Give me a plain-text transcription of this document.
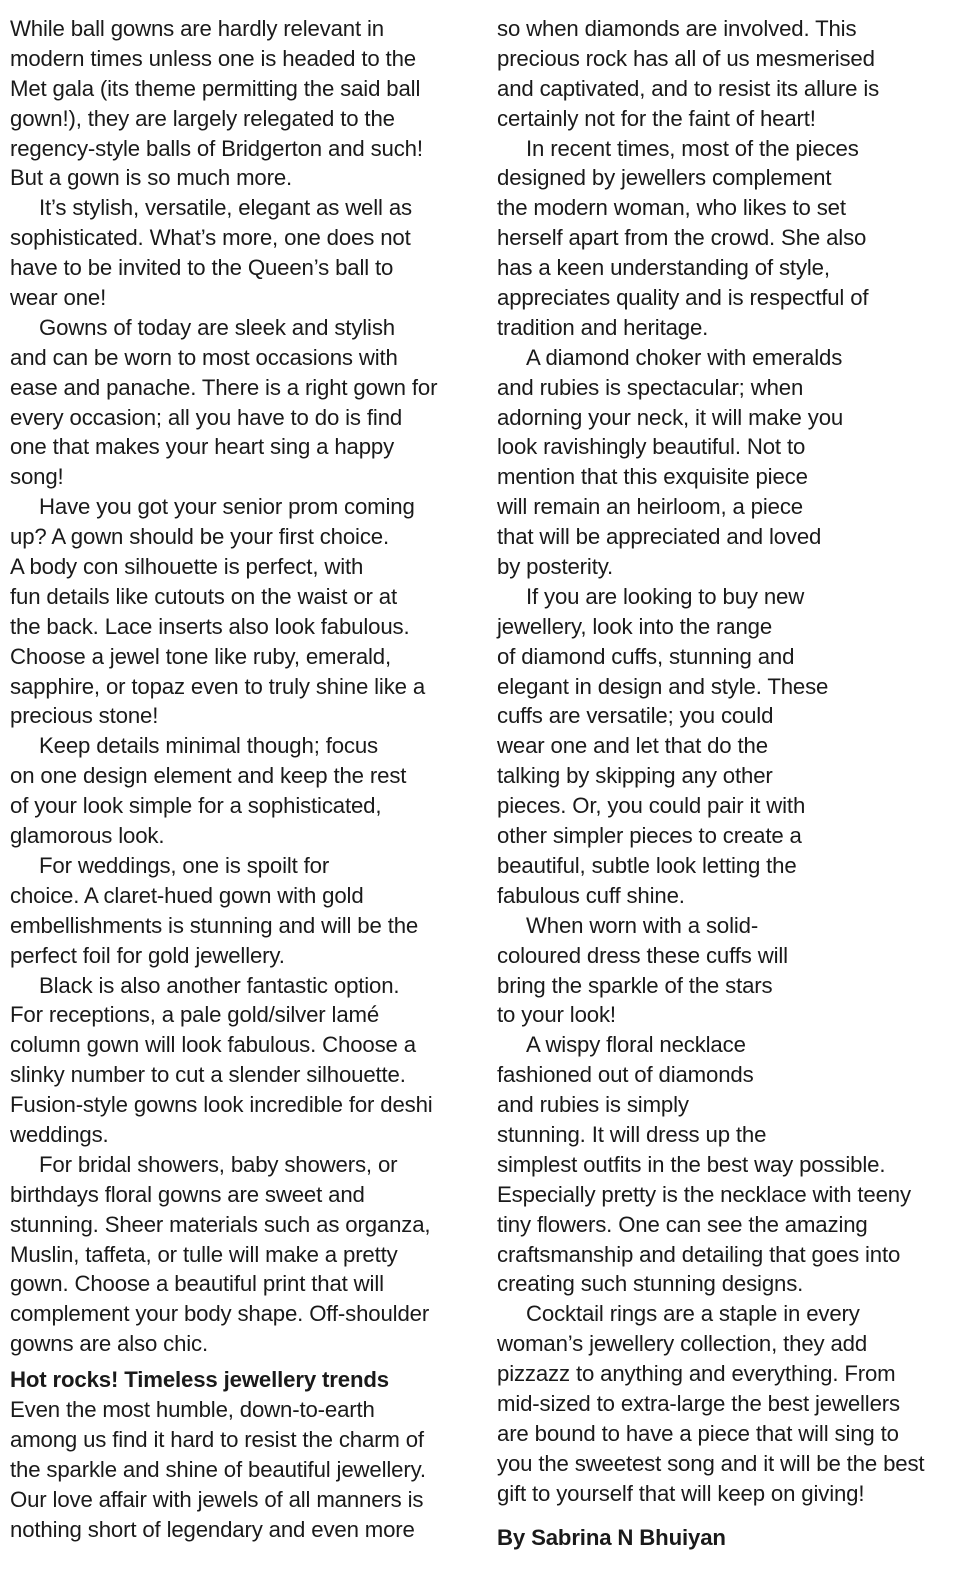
While ball gowns are hardly relevant in
modern times unless one is headed to the
Met gala (its theme permitting the said ball
gown!), they are largely relegated to the
regency-style balls of Bridgerton and such!
But a gown is so much more.
It’s stylish, versatile, elegant as well as
sophisticated. What’s more, one does not
have to be invited to the Queen’s ball to
wear one!
Gowns of today are sleek and stylish
and can be worn to most occasions with
ease and panache. There is a right gown for
every occasion; all you have to do is find
one that makes your heart sing a happy
song!
Have you got your senior prom coming
up? A gown should be your first choice.
A body con silhouette is perfect, with
fun details like cutouts on the waist or at
the back. Lace inserts also look fabulous.
Choose a jewel tone like ruby, emerald,
sapphire, or topaz even to truly shine like a
precious stone!
Keep details minimal though; focus
on one design element and keep the rest
of your look simple for a sophisticated,
glamorous look.
For weddings, one is spoilt for
choice. A claret-hued gown with gold
embellishments is stunning and will be the
perfect foil for gold jewellery.
Black is also another fantastic option.
For receptions, a pale gold/silver lamé
column gown will look fabulous. Choose a
slinky number to cut a slender silhouette.
Fusion-style gowns look incredible for deshi
weddings.
For bridal showers, baby showers, or
birthdays floral gowns are sweet and
stunning. Sheer materials such as organza,
Muslin, taffeta, or tulle will make a pretty
gown. Choose a beautiful print that will
complement your body shape. Off-shoulder
gowns are also chic.
Hot rocks! Timeless jewellery trends
Even the most humble, down-to-earth
among us find it hard to resist the charm of
the sparkle and shine of beautiful jewellery.
Our love affair with jewels of all manners is
nothing short of legendary and even more
so when diamonds are involved. This
precious rock has all of us mesmerised
and captivated, and to resist its allure is
certainly not for the faint of heart!
In recent times, most of the pieces
designed by jewellers complement
the modern woman, who likes to set
herself apart from the crowd. She also
has a keen understanding of style,
appreciates quality and is respectful of
tradition and heritage.
A diamond choker with emeralds
and rubies is spectacular; when
adorning your neck, it will make you
look ravishingly beautiful. Not to
mention that this exquisite piece
will remain an heirloom, a piece
that will be appreciated and loved
by posterity.
If you are looking to buy new
jewellery, look into the range
of diamond cuffs, stunning and
elegant in design and style. These
cuffs are versatile; you could
wear one and let that do the
talking by skipping any other
pieces. Or, you could pair it with
other simpler pieces to create a
beautiful, subtle look letting the
fabulous cuff shine.
When worn with a solid-
coloured dress these cuffs will
bring the sparkle of the stars
to your look!
A wispy floral necklace
fashioned out of diamonds
and rubies is simply
stunning. It will dress up the
simplest outfits in the best way possible.
Especially pretty is the necklace with teeny
tiny flowers. One can see the amazing
craftsmanship and detailing that goes into
creating such stunning designs.
Cocktail rings are a staple in every
woman’s jewellery collection, they add
pizzazz to anything and everything. From
mid-sized to extra-large the best jewellers
are bound to have a piece that will sing to
you the sweetest song and it will be the best
gift to yourself that will keep on giving!
By Sabrina N Bhuiyan
